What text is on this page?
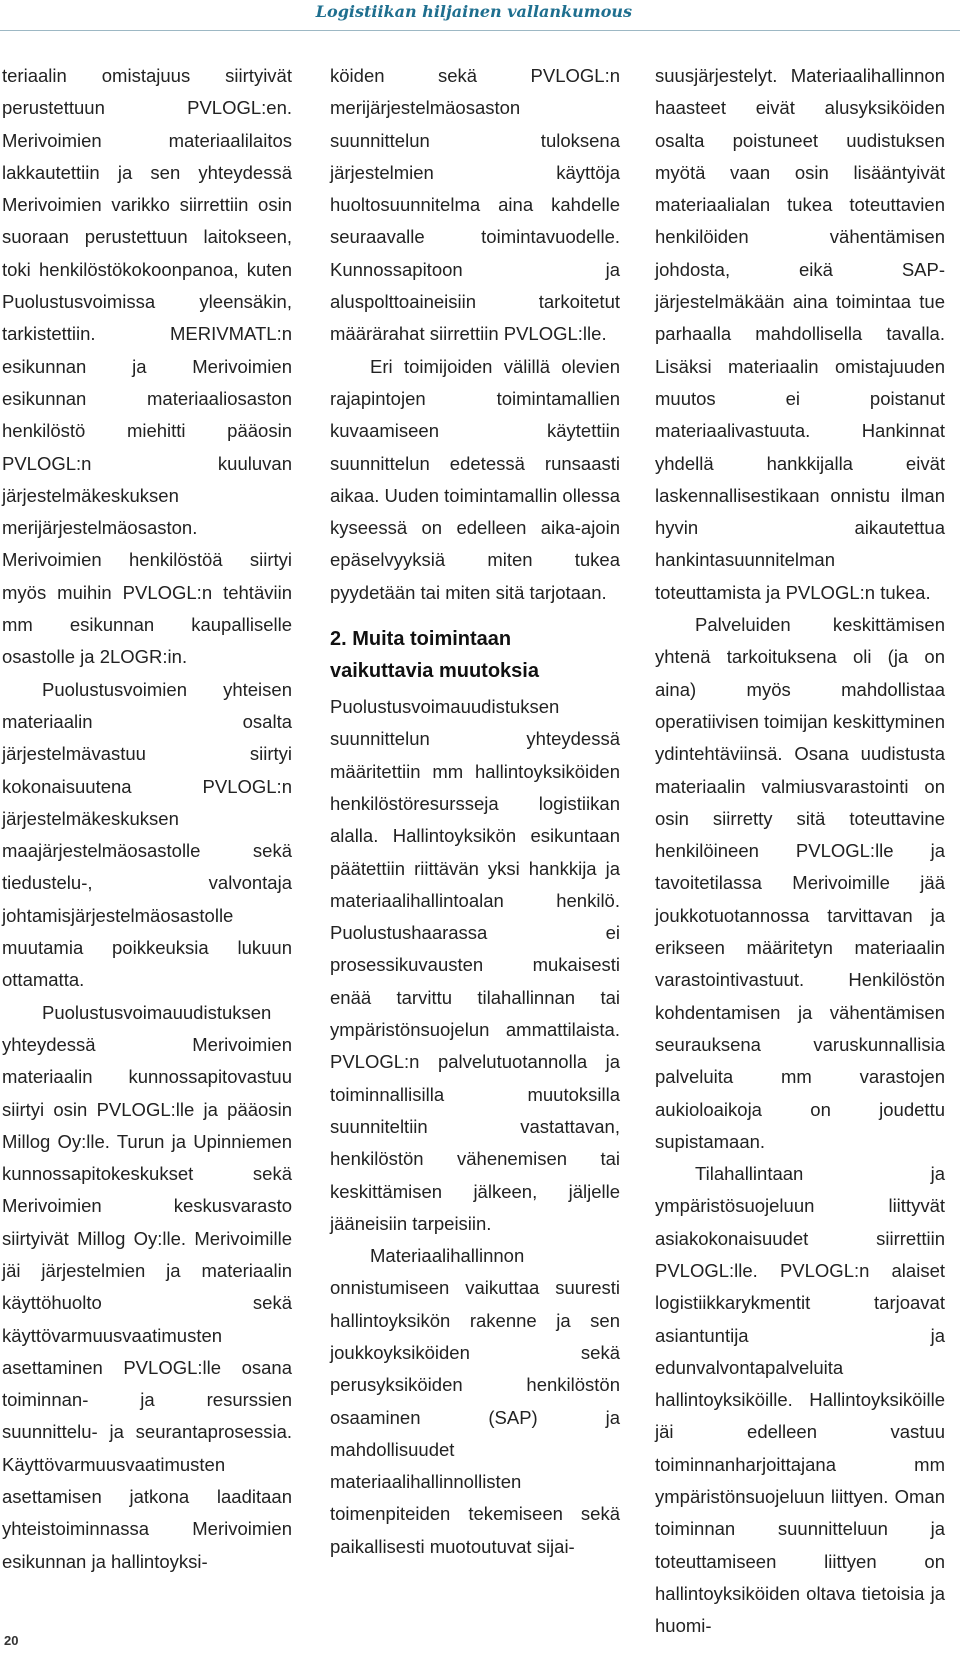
Logistiikan hiljainen vallankumous

teriaalin omistajuus siirtyivät perustettuun PVLOGL:en. Merivoimien materiaalilaitos lakkautettiin ja sen yhteydessä Merivoimien varikko siirrettiin osin suoraan perustettuun laitokseen, toki henkilöstökokoonpanoa, kuten Puolustusvoimissa yleensäkin, tarkistettiin. MERIVMATL:n esikunnan ja Merivoimien esikunnan materiaaliosaston henkilöstö miehitti pääosin PVLOGL:n kuuluvan järjestelmäkeskuksen merijärjestelmäosaston. Merivoimien henkilöstöä siirtyi myös muihin PVLOGL:n tehtäviin mm esikunnan kaupalliselle osastolle ja 2LOGR:in.

Puolustusvoimien yhteisen materiaalin osalta järjestelmävastuu siirtyi kokonaisuutena PVLOGL:n järjestelmäkeskuksen maajärjestelmäosastolle sekä tiedustelu-, valvontaja johtamisjärjestelmäosastolle muutamia poikkeuksia lukuun ottamatta.

Puolustusvoimauudistuksen yhteydessä Merivoimien materiaalin kunnossapitovastuu siirtyi osin PVLOGL:lle ja pääosin Millog Oy:lle. Turun ja Upinniemen kunnossapitokeskukset sekä Merivoimien keskusvarasto siirtyivät Millog Oy:lle. Merivoimille jäi järjestelmien ja materiaalin käyttöhuolto sekä käyttövarmuusvaatimusten asettaminen PVLOGL:lle osana toiminnan- ja resurssien suunnittelu- ja seurantaprosessia. Käyttövarmuusvaatimusten asettamisen jatkona laaditaan yhteistoiminnassa Merivoimien esikunnan ja hallintoyksi-

köiden sekä PVLOGL:n merijärjestelmäosaston suunnittelun tuloksena järjestelmien käyttöja huoltosuunnitelma aina kahdelle seuraavalle toimintavuodelle. Kunnossapitoon ja aluspolttoaineisiin tarkoitetut määrärahat siirrettiin PVLOGL:lle.

Eri toimijoiden välillä olevien rajapintojen toimintamallien kuvaamiseen käytettiin suunnittelun edetessä runsaasti aikaa. Uuden toimintamallin ollessa kyseessä on edelleen aika-ajoin epäselvyyksiä miten tukea pyydetään tai miten sitä tarjotaan.

2. Muita toimintaan vaikuttavia muutoksia

Puolustusvoimauudistuksen suunnittelun yhteydessä määritettiin mm hallintoyksiköiden henkilöstöresursseja logistiikan alalla. Hallintoyksikön esikuntaan päätettiin riittävän yksi hankkija ja materiaalihallintoalan henkilö. Puolustushaarassa ei prosessikuvausten mukaisesti enää tarvittu tilahallinnan tai ympäristönsuojelun ammattilaista. PVLOGL:n palvelutuotannolla ja toiminnallisilla muutoksilla suunniteltiin vastattavan, henkilöstön vähenemisen tai keskittämisen jälkeen, jäljelle jääneisiin tarpeisiin.

Materiaalihallinnon onnistumiseen vaikuttaa suuresti hallintoyksikön rakenne ja sen joukkoyksiköiden sekä perusyksiköiden henkilöstön osaaminen (SAP) ja mahdollisuudet materiaalihallinnollisten toimenpiteiden tekemiseen sekä paikallisesti muotoutuvat sijai-

suusjärjestelyt. Materiaalihallinnon haasteet eivät alusyksiköiden osalta poistuneet uudistuksen myötä vaan osin lisääntyivät materiaalialan tukea toteuttavien henkilöiden vähentämisen johdosta, eikä SAP-järjestelmäkään aina toimintaa tue parhaalla mahdollisella tavalla. Lisäksi materiaalin omistajuuden muutos ei poistanut materiaalivastuuta. Hankinnat yhdellä hankkijalla eivät laskennallisestikaan onnistu ilman hyvin aikautettua hankintasuunnitelman toteuttamista ja PVLOGL:n tukea.

Palveluiden keskittämisen yhtenä tarkoituksena oli (ja on aina) myös mahdollistaa operatiivisen toimijan keskittyminen ydintehtäviinsä. Osana uudistusta materiaalin valmiusvarastointi on osin siirretty sitä toteuttavine henkilöineen PVLOGL:lle ja tavoitetilassa Merivoimille jää joukkotuotannossa tarvittavan ja erikseen määritetyn materiaalin varastointivastuut. Henkilöstön kohdentamisen ja vähentämisen seurauksena varuskunnallisia palveluita mm varastojen aukioloaikoja on joudettu supistamaan.

Tilahallintaan ja ympäristösuojeluun liittyvät asiakokonaisuudet siirrettiin PVLOGL:lle. PVLOGL:n alaiset logistiikkarykmentit tarjoavat asiantuntija ja edunvalvontapalveluita hallintoyksiköille. Hallintoyksiköille jäi edelleen vastuu toiminnanharjoittajana mm ympäristönsuojeluun liittyen. Oman toiminnan suunnitteluun ja toteuttamiseen liittyen on hallintoyksiköiden oltava tietoisia ja huomi-

20
